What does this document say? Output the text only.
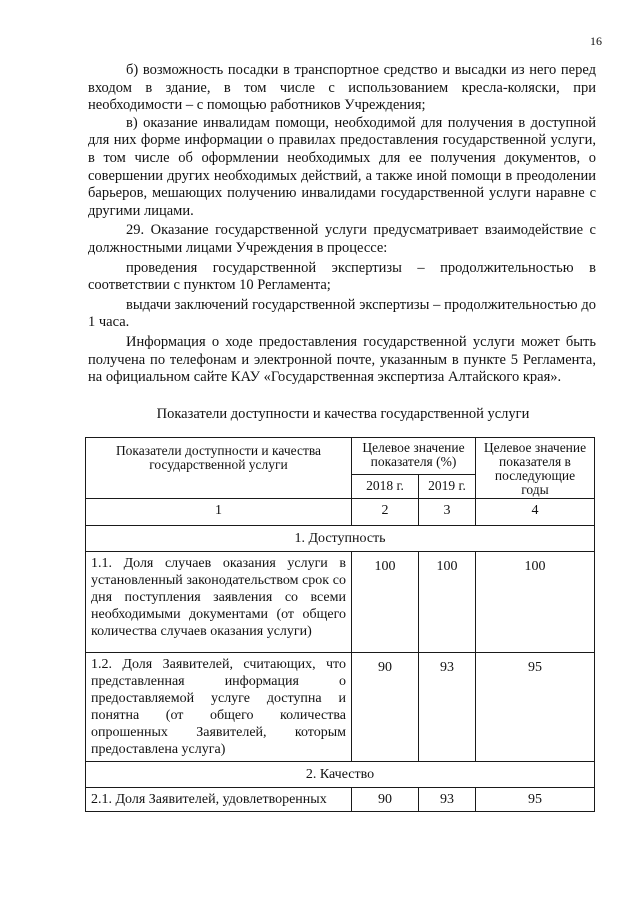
16

б) возможность посадки в транспортное средство и высадки из него перед входом в здание, в том числе с использованием кресла-коляски, при необходимости – с помощью работников Учреждения;

в) оказание инвалидам помощи, необходимой для получения в доступной для них форме информации о правилах предоставления государственной услуги, в том числе об оформлении необходимых для ее получения документов, о совершении других необходимых действий, а также иной помощи в преодолении барьеров, мешающих получению инвалидами государственной услуги наравне с другими лицами.

29. Оказание государственной услуги предусматривает взаимодействие с должностными лицами Учреждения в процессе:

проведения государственной экспертизы – продолжительностью в соответствии с пунктом 10 Регламента;

выдачи заключений государственной экспертизы – продолжительностью до 1 часа.

Информация о ходе предоставления государственной услуги может быть получена по телефонам и электронной почте, указанным в пункте 5 Регламента, на официальном сайте КАУ «Государственная экспертиза Алтайского края».

Показатели доступности и качества государственной услуги
Показатели доступности и качества государственной услуги	Целевое значение показателя (%)		Целевое значение показателя в последующие годы
	2018 г.	2019 г.	
1	2	3	4
1. Доступность			
1.1. Доля случаев оказания услуги в установленный законодательством срок со дня поступления заявления со всеми необходимыми документами (от общего количества случаев оказания услуги)	100	100	100
1.2. Доля Заявителей, считающих, что представленная информация о предоставляемой услуге доступна и понятна (от общего количества опрошенных Заявителей, которым предоставлена услуга)	90	93	95
2. Качество			
2.1. Доля Заявителей, удовлетворенных	90	93	95
